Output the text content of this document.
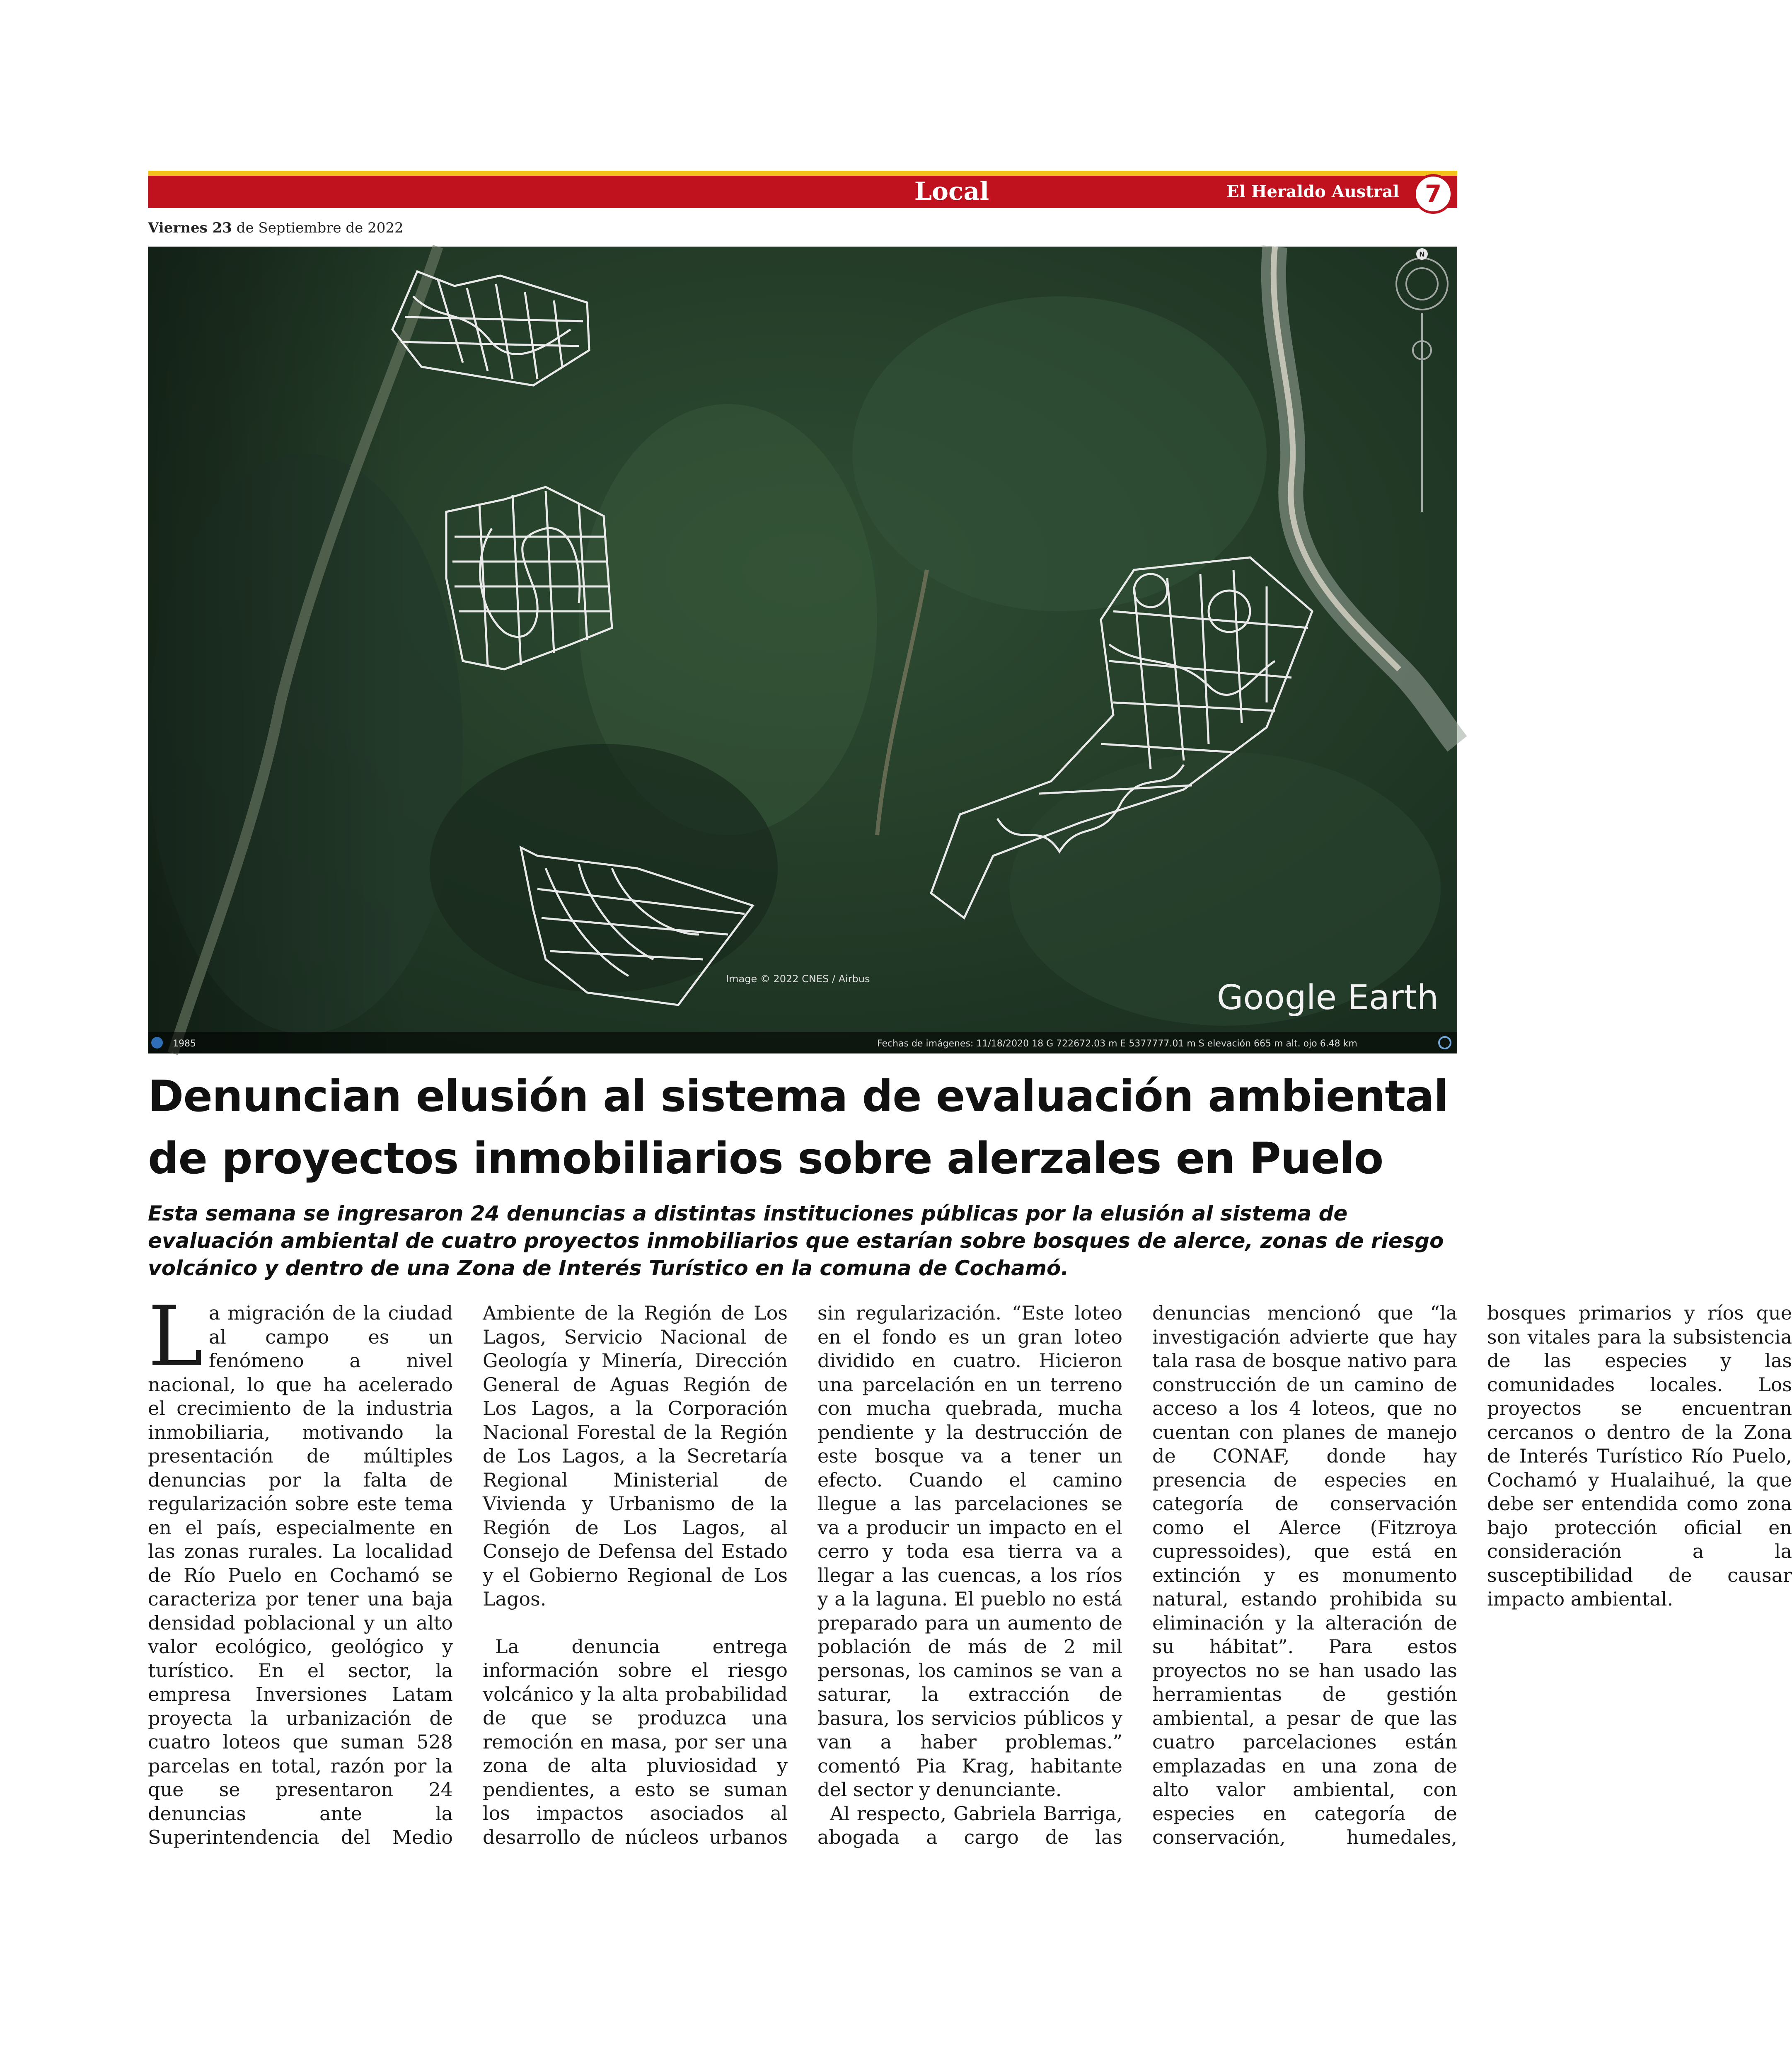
Local	El Heraldo Austral	7
Viernes 23 de Septiembre de 2022
N
Image © 2022 CNES / Airbus	Google Earth
1985	Fechas de imágenes: 11/18/2020 18 G 722672.03 m E 5377777.01 m S elevación 665 m alt. ojo 6.48 km
Denuncian elusión al sistema de evaluación ambiental
de proyectos inmobiliarios sobre alerzales en Puelo

Esta semana se ingresaron 24 denuncias a distintas instituciones públicas por la elusión al sistema de evaluación ambiental de cuatro proyectos inmobiliarios que estarían sobre bosques de alerce, zonas de riesgo volcánico y dentro de una Zona de Interés Turístico en la comuna de Cochamó.

La migración de la ciudad al campo es un fenómeno a nivel nacional, lo que ha acelerado el crecimiento de la industria inmobiliaria, motivando la presentación de múltiples denuncias por la falta de regularización sobre este tema en el país, especialmente en las zonas rurales. La localidad de Río Puelo en Cochamó se caracteriza por tener una baja densidad poblacional y un alto valor ecológico, geológico y turístico. En el sector, la empresa Inversiones Latam proyecta la urbanización de cuatro loteos que suman 528 parcelas en total, razón por la que se presentaron 24 denuncias ante la Superintendencia del Medio Ambiente de la Región de Los Lagos, Servicio Nacional de Geología y Minería, Dirección General de Aguas Región de Los Lagos, a la Corporación Nacional Forestal de la Región de Los Lagos, a la Secretaría Regional Ministerial de Vivienda y Urbanismo de la Región de Los Lagos, al Consejo de Defensa del Estado y el Gobierno Regional de Los Lagos.

La denuncia entrega información sobre el riesgo volcánico y la alta probabilidad de que se produzca una remoción en masa, por ser una zona de alta pluviosidad y pendientes, a esto se suman los impactos asociados al desarrollo de núcleos urbanos sin regularización. “Este loteo en el fondo es un gran loteo dividido en cuatro. Hicieron una parcelación en un terreno con mucha quebrada, mucha pendiente y la destrucción de este bosque va a tener un efecto. Cuando el camino llegue a las parcelaciones se va a producir un impacto en el cerro y toda esa tierra va a llegar a las cuencas, a los ríos y a la laguna. El pueblo no está preparado para un aumento de población de más de 2 mil personas, los caminos se van a saturar, la extracción de basura, los servicios públicos y van a haber problemas.” comentó Pia Krag, habitante del sector y denunciante.

Al respecto, Gabriela Barriga, abogada a cargo de las denuncias mencionó que “la investigación advierte que hay tala rasa de bosque nativo para construcción de un camino de acceso a los 4 loteos, que no cuentan con planes de manejo de CONAF, donde hay presencia de especies en categoría de conservación como el Alerce (Fitzroya cupressoides), que está en extinción y es monumento natural, estando prohibida su eliminación y la alteración de su hábitat”. Para estos proyectos no se han usado las herramientas de gestión ambiental, a pesar de que las cuatro parcelaciones están emplazadas en una zona de alto valor ambiental, con especies en categoría de conservación, humedales, bosques primarios y ríos que son vitales para la subsistencia de las especies y las comunidades locales. Los proyectos se encuentran cercanos o dentro de la Zona de Interés Turístico Río Puelo, Cochamó y Hualaihué, la que debe ser entendida como zona bajo protección oficial en consideración a la susceptibilidad de causar impacto ambiental.
